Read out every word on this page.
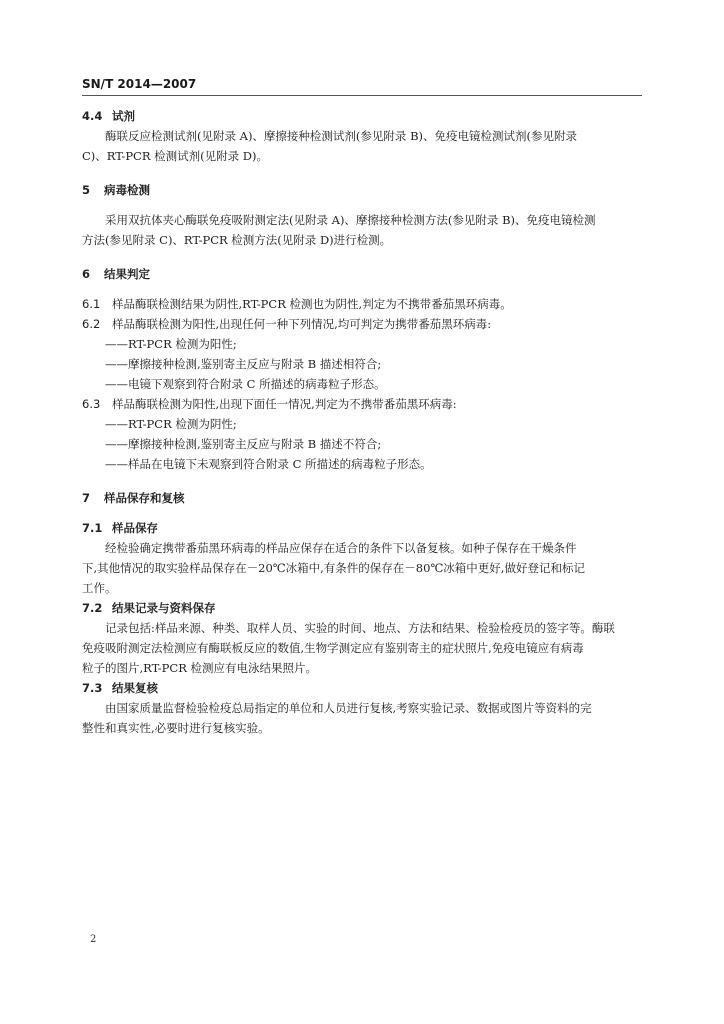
SN/T 2014—2007
4.4 试剂
酶联反应检测试剂(见附录 A)、摩擦接种检测试剂(参见附录 B)、免疫电镜检测试剂(参见附录
C)、RT-PCR 检测试剂(见附录 D)。
5 病毒检测
采用双抗体夹心酶联免疫吸附测定法(见附录 A)、摩擦接种检测方法(参见附录 B)、免疫电镜检测
方法(参见附录 C)、RT-PCR 检测方法(见附录 D)进行检测。
6 结果判定
6.1 样品酶联检测结果为阴性,RT-PCR 检测也为阴性,判定为不携带番茄黑环病毒。
6.2 样品酶联检测为阳性,出现任何一种下列情况,均可判定为携带番茄黑环病毒:
——RT-PCR 检测为阳性;
——摩擦接种检测,鉴别寄主反应与附录 B 描述相符合;
——电镜下观察到符合附录 C 所描述的病毒粒子形态。
6.3 样品酶联检测为阳性,出现下面任一情况,判定为不携带番茄黑环病毒:
——RT-PCR 检测为阴性;
——摩擦接种检测,鉴别寄主反应与附录 B 描述不符合;
——样品在电镜下未观察到符合附录 C 所描述的病毒粒子形态。
7 样品保存和复核
7.1 样品保存
经检验确定携带番茄黑环病毒的样品应保存在适合的条件下以备复核。如种子保存在干燥条件
下,其他情况的取实验样品保存在－20℃冰箱中,有条件的保存在－80℃冰箱中更好,做好登记和标记
工作。
7.2 结果记录与资料保存
记录包括:样品来源、种类、取样人员、实验的时间、地点、方法和结果、检验检疫员的签字等。酶联
免疫吸附测定法检测应有酶联板反应的数值,生物学测定应有鉴别寄主的症状照片,免疫电镜应有病毒
粒子的图片,RT-PCR 检测应有电泳结果照片。
7.3 结果复核
由国家质量监督检验检疫总局指定的单位和人员进行复核,考察实验记录、数据或图片等资料的完
整性和真实性,必要时进行复核实验。
2
